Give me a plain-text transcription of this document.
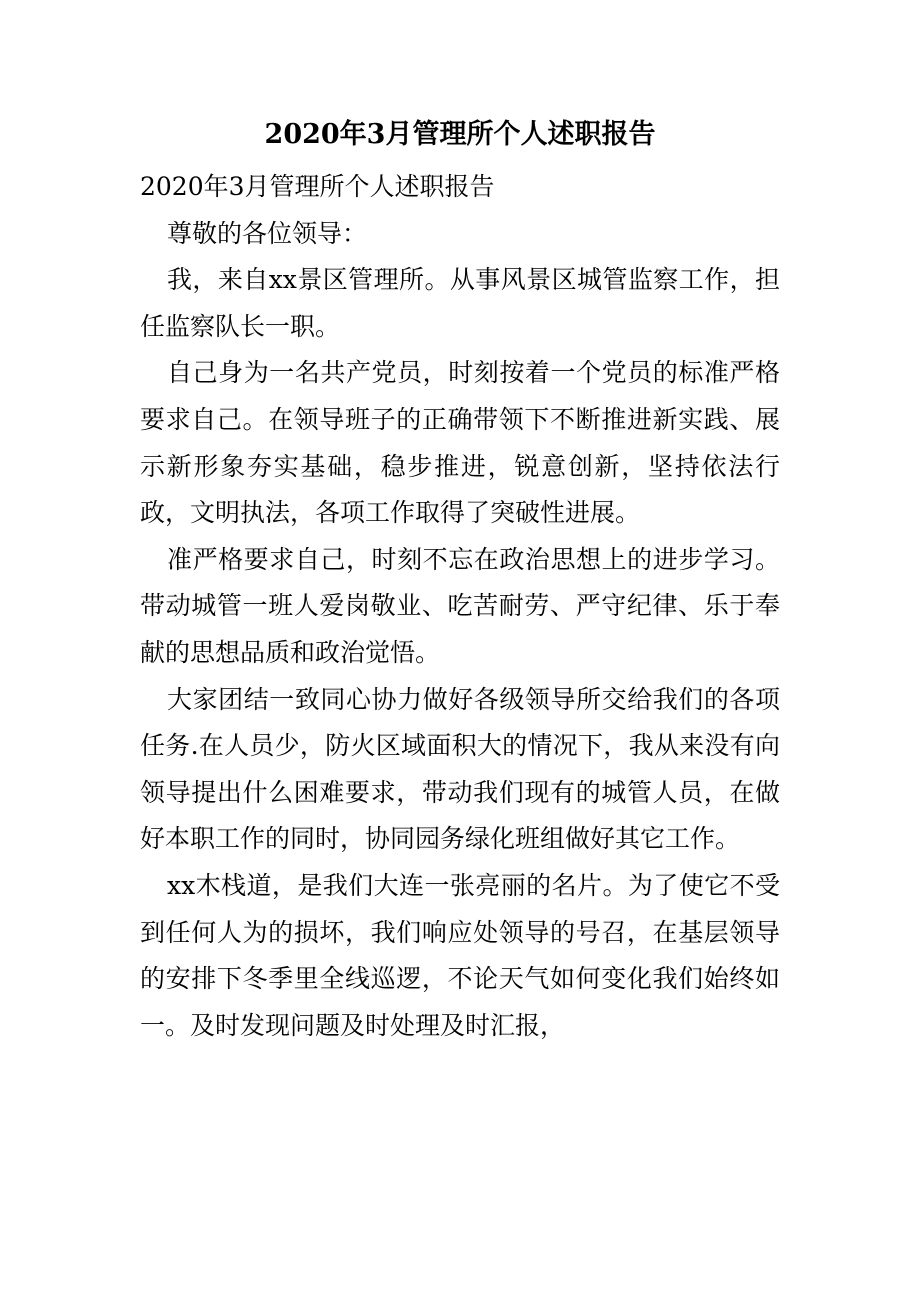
2020年3月管理所个人述职报告

2020年3月管理所个人述职报告

尊敬的各位领导：

我，来自xx景区管理所。从事风景区城管监察工作，担任监察队长一职。

自己身为一名共产党员，时刻按着一个党员的标准严格要求自己。在领导班子的正确带领下不断推进新实践、展示新形象夯实基础，稳步推进，锐意创新，坚持依法行政，文明执法，各项工作取得了突破性进展。

准严格要求自己，时刻不忘在政治思想上的进步学习。带动城管一班人爱岗敬业、吃苦耐劳、严守纪律、乐于奉献的思想品质和政治觉悟。

大家团结一致同心协力做好各级领导所交给我们的各项任务.在人员少，防火区域面积大的情况下，我从来没有向领导提出什么困难要求，带动我们现有的城管人员，在做好本职工作的同时，协同园务绿化班组做好其它工作。

xx木栈道，是我们大连一张亮丽的名片。为了使它不受到任何人为的损坏，我们响应处领导的号召，在基层领导的安排下冬季里全线巡逻，不论天气如何变化我们始终如一。及时发现问题及时处理及时汇报，
